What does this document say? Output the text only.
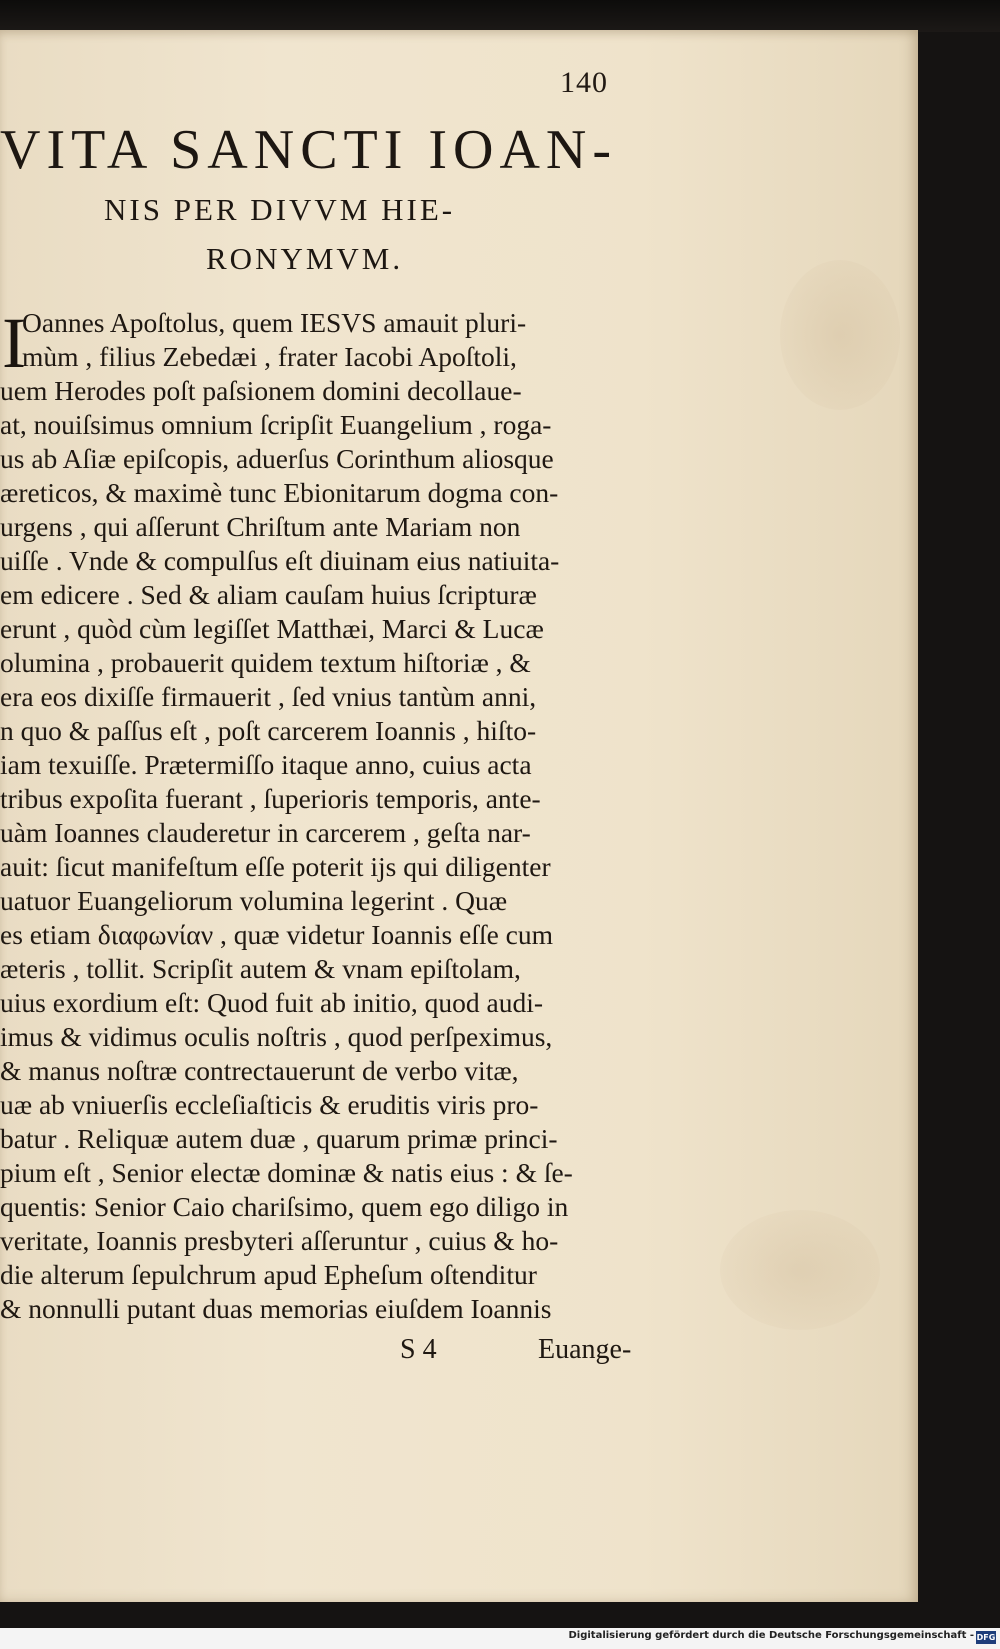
140
VITA SANCTI IOAN-
NIS PER DIVVM HIE-
RONYMVM.
I
Oannes Apoſtolus, quem IESVS amauit pluri-
mùm , filius Zebedæi , frater Iacobi Apoſtoli,
uem Herodes poſt paſsionem domini decollaue-
at, nouiſsimus omnium ſcripſit Euangelium , roga-
us ab Aſiæ epiſcopis, aduerſus Corinthum aliosque
æreticos, & maximè tunc Ebionitarum dogma con-
urgens , qui aſſerunt Chriſtum ante Mariam non
uiſſe . Vnde & compulſus eſt diuinam eius natiuita-
em edicere . Sed & aliam cauſam huius ſcripturæ
erunt , quòd cùm legiſſet Matthæi, Marci & Lucæ
olumina , probauerit quidem textum hiſtoriæ , &
era eos dixiſſe firmauerit , ſed vnius tantùm anni,
n quo & paſſus eſt , poſt carcerem Ioannis , hiſto-
iam texuiſſe. Prætermiſſo itaque anno, cuius acta
tribus expoſita fuerant , ſuperioris temporis, ante-
uàm Ioannes clauderetur in carcerem , geſta nar-
auit: ſicut manifeſtum eſſe poterit ijs qui diligenter
uatuor Euangeliorum volumina legerint . Quæ
es etiam διαφωνίαν , quæ videtur Ioannis eſſe cum
æteris , tollit. Scripſit autem & vnam epiſtolam,
uius exordium eſt: Quod fuit ab initio, quod audi-
imus & vidimus oculis noſtris , quod perſpeximus,
& manus noſtræ contrectauerunt de verbo vitæ,
uæ ab vniuerſis eccleſiaſticis & eruditis viris pro-
batur . Reliquæ autem duæ , quarum primæ princi-
pium eſt , Senior electæ dominæ & natis eius : & ſe-
quentis: Senior Caio chariſsimo, quem ego diligo in
veritate, Ioannis presbyteri aſſeruntur , cuius & ho-
die alterum ſepulchrum apud Epheſum oſtenditur
& nonnulli putant duas memorias eiuſdem Ioannis
S 4	Euange-
Digitalisierung gefördert durch die Deutsche Forschungsgemeinschaft - DFG
